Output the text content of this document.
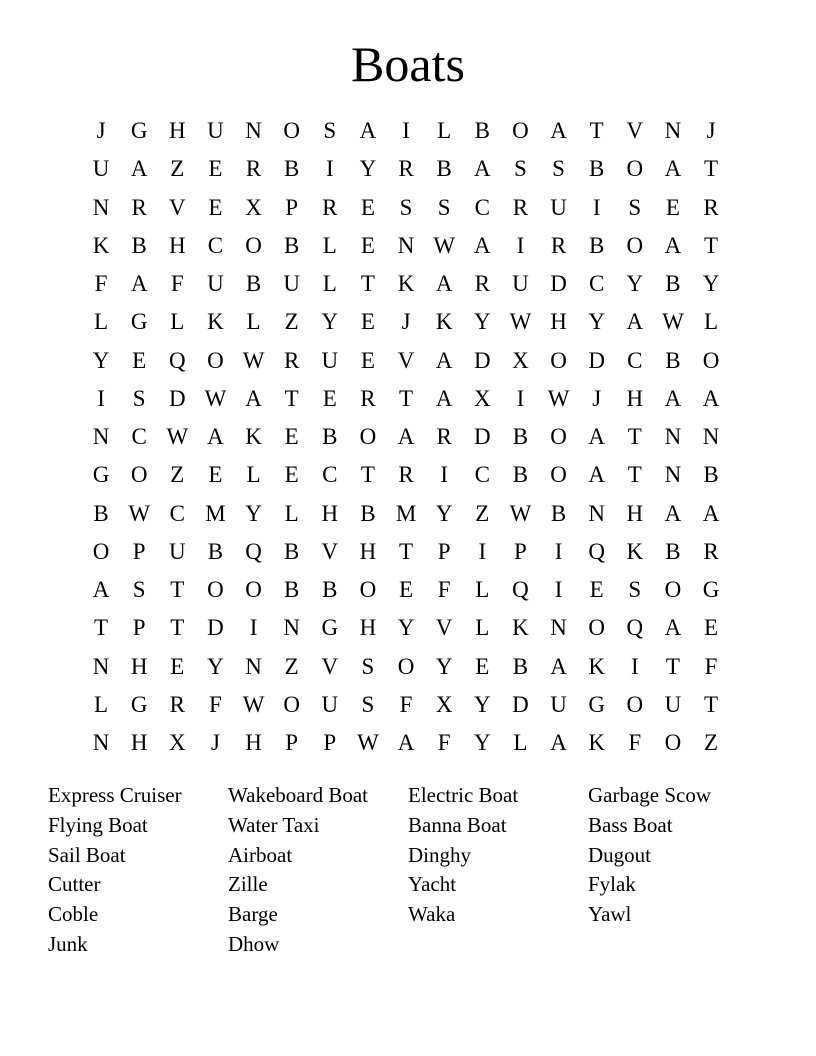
Boats
J	G H U N O	S	A	I	L	B O A T V N	J
U A Z	E	R B	I	Y R B A	S	S	B O A T
N R V E X	P	R	E	S	S	C R U	I	S	E	R
K B H C O B	L	E N W A	I	R B O A T
F	A	F	U B U L	T K A R U D C Y B Y
L G L K L	Z Y E	J	K Y W H Y A W L
Y E Q O W R U E V A D X O D C B O
I	S	D W A T	E	R	T A X	I	W J	H A A
N C W A K E	B O A R D B O A T N N
G O Z	E	L	E	C	T	R	I	C B O A T N B
B W C M Y L H B M Y Z W B N H A A
O	P	U B Q B V H T	P	I	P	I	Q K B R
A	S	T O O B B O E	F	L Q	I	E	S	O G
T	P	T D	I	N G H Y V L K N O Q A E
N H E Y N Z V	S	O Y E	B A K	I	T	F
L G R	F W O U	S	F	X Y D U G O U T
N H X	J	H	P	P W A	F	Y L A K	F	O Z
Express Cruiser	Wakeboard Boat	Electric Boat	Garbage Scow
Flying Boat	Water Taxi	Banna Boat	Bass Boat
Sail Boat	Airboat	Dinghy	Dugout
Cutter	Zille	Yacht	Fylak
Coble	Barge	Waka	Yawl
Junk	Dhow
